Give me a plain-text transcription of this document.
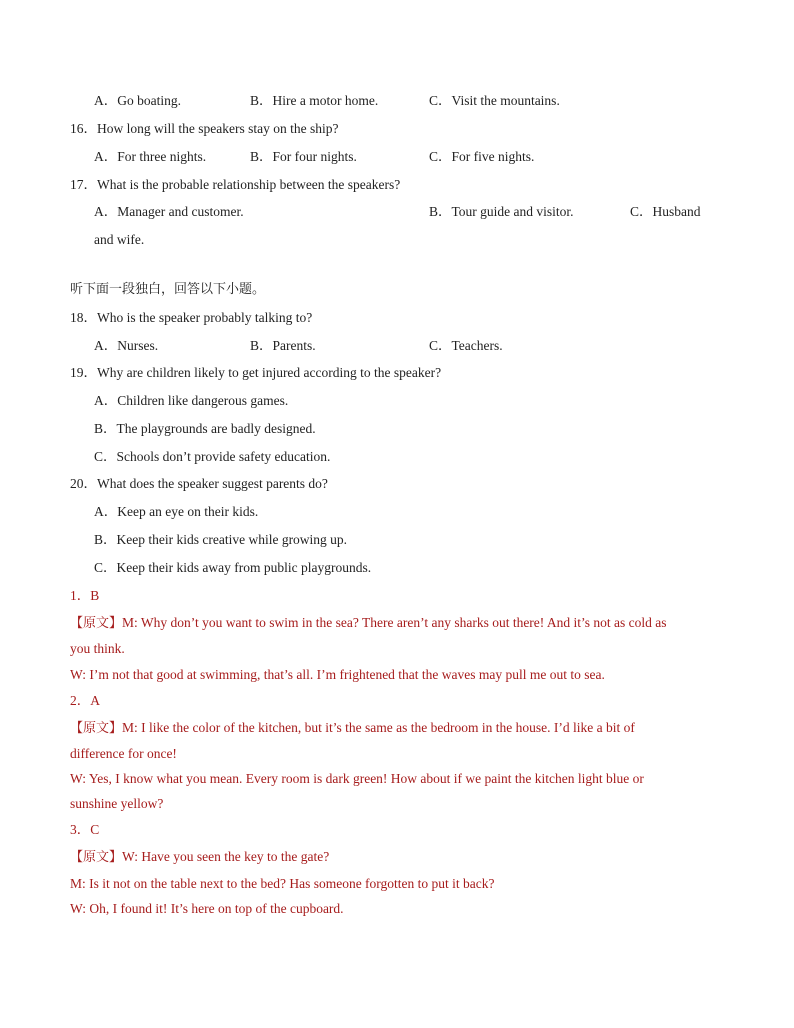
A．Go boating.	B．Hire a motor home.	C．Visit the mountains.
16．How long will the speakers stay on the ship?
A．For three nights.	B．For four nights.	C．For five nights.
17．What is the probable relationship between the speakers?
A．Manager and customer.	B．Tour guide and visitor.	C．Husband
and wife.
听下面一段独白，回答以下小题。
18．Who is the speaker probably talking to?
A．Nurses.	B．Parents.	C．Teachers.
19．Why are children likely to get injured according to the speaker?
A．Children like dangerous games.
B．The playgrounds are badly designed.
C．Schools don’t provide safety education.
20．What does the speaker suggest parents do?
A．Keep an eye on their kids.
B．Keep their kids creative while growing up.
C．Keep their kids away from public playgrounds.
1．B
【原文】M: Why don’t you want to swim in the sea? There aren’t any sharks out there! And it’s not as cold as
you think.
W: I’m not that good at swimming, that’s all. I’m frightened that the waves may pull me out to sea.
2．A
【原文】M: I like the color of the kitchen, but it’s the same as the bedroom in the house. I’d like a bit of
difference for once!
W: Yes, I know what you mean. Every room is dark green! How about if we paint the kitchen light blue or
sunshine yellow?
3．C
【原文】W: Have you seen the key to the gate?
M: Is it not on the table next to the bed? Has someone forgotten to put it back?
W: Oh, I found it! It’s here on top of the cupboard.
